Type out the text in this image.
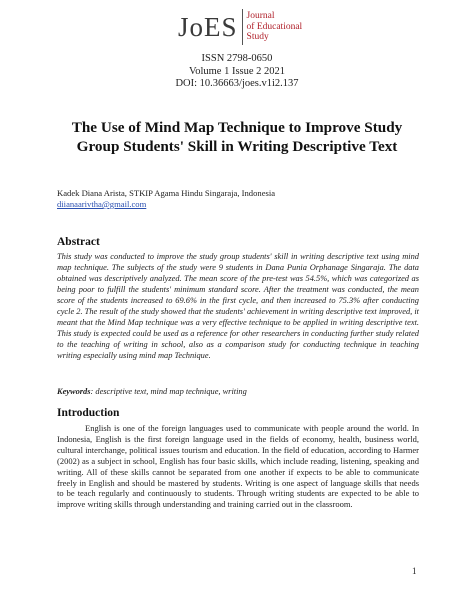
JoES Journal
of Educational
Study
ISSN 2798-0650
Volume 1 Issue 2 2021
DOI: 10.36663/joes.v1i2.137
The Use of Mind Map Technique to Improve Study
Group Students' Skill in Writing Descriptive Text
Kadek Diana Arista, STKIP Agama Hindu Singaraja, Indonesia
diianaarivtha@gmail.com
Abstract
This study was conducted to improve the study group students' skill in writing descriptive text using mind map technique. The subjects of the study were 9 students in Dana Punia Orphanage Singaraja. The data obtained was descriptively analyzed. The mean score of the pre-test was 54.5%, which was categorized as being poor to fulfill the students' minimum standard score. After the treatment was conducted, the mean score of the students increased to 69.6% in the first cycle, and then increased to 75.3% after conducting cycle 2. The result of the study showed that the students' achievement in writing descriptive text improved, it meant that the Mind Map technique was a very effective technique to be applied in writing descriptive text. This study is expected could be used as a reference for other researchers in conducting further study related to the teaching of writing in school, also as a comparison study for conducting technique in teaching writing especially using mind map Technique.
Keywords: descriptive text, mind map technique, writing
Introduction
English is one of the foreign languages used to communicate with people around the world. In Indonesia, English is the first foreign language used in the fields of economy, health, business world, cultural interchange, political issues tourism and education. In the field of education, according to Harmer (2002) as a subject in school, English has four basic skills, which include reading, listening, speaking and writing. All of these skills cannot be separated from one another if expects to be able to communicate freely in English and should be mastered by students. Writing is one aspect of language skills that needs to be teach regularly and continuously to students. Through writing students are expected to be able to improve writing skills through understanding and training carried out in the classroom.
1
